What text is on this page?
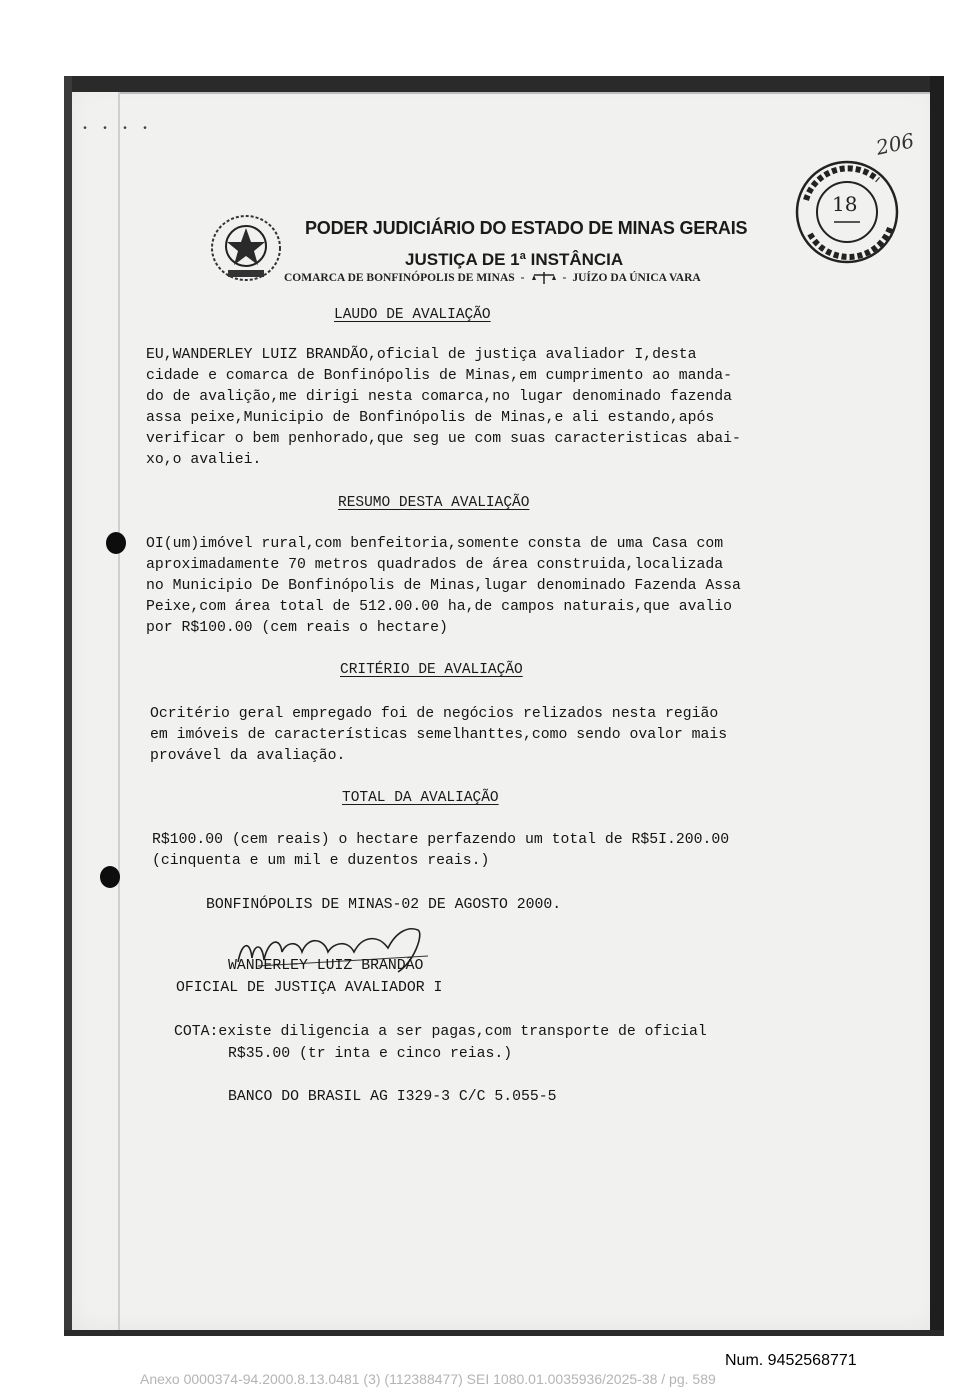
• • • •
PODER JUDICIÁRIO DO ESTADO DE MINAS GERAIS
JUSTIÇA DE 1ª INSTÂNCIA
COMARCA DE BONFINÓPOLIS DE MINAS -	- JUÍZO DA ÚNICA VARA
18
206
LAUDO DE AVALIAÇÃO
EU,WANDERLEY LUIZ BRANDÃO,oficial de justiça avaliador I,desta
cidade e comarca de Bonfinópolis de Minas,em cumprimento ao manda-
do de avalição,me dirigi nesta comarca,no lugar denominado fazenda
assa peixe,Municipio de Bonfinópolis de Minas,e ali estando,após
verificar o bem penhorado,que seg ue com suas caracteristicas abai-
xo,o avaliei.
RESUMO DESTA AVALIAÇÃO
OI(um)imóvel rural,com benfeitoria,somente consta de uma Casa com
aproximadamente 70 metros quadrados de área construida,localizada
no Municipio De Bonfinópolis de Minas,lugar denominado Fazenda Assa
Peixe,com área total de 512.00.00 ha,de campos naturais,que avalio
por R$100.00 (cem reais o hectare)
CRITÉRIO DE AVALIAÇÃO
Ocritério geral empregado foi de negócios relizados nesta região
em imóveis de características semelhanttes,como sendo ovalor mais
provável da avaliação.
TOTAL DA AVALIAÇÃO
R$100.00 (cem reais) o hectare perfazendo um total de R$5I.200.00
(cinquenta e um mil e duzentos reais.)
BONFINÓPOLIS DE MINAS-02 DE AGOSTO 2000.
WANDERLEY LUIZ BRANDÃO
OFICIAL DE JUSTIÇA AVALIADOR I
COTA:existe diligencia a ser pagas,com transporte de oficial
R$35.00 (tr inta e cinco reias.)
BANCO DO BRASIL AG I329-3 C/C 5.055-5
Num. 9452568771
Anexo 0000374-94.2000.8.13.0481 (3) (112388477) SEI 1080.01.0035936/2025-38 / pg. 589
